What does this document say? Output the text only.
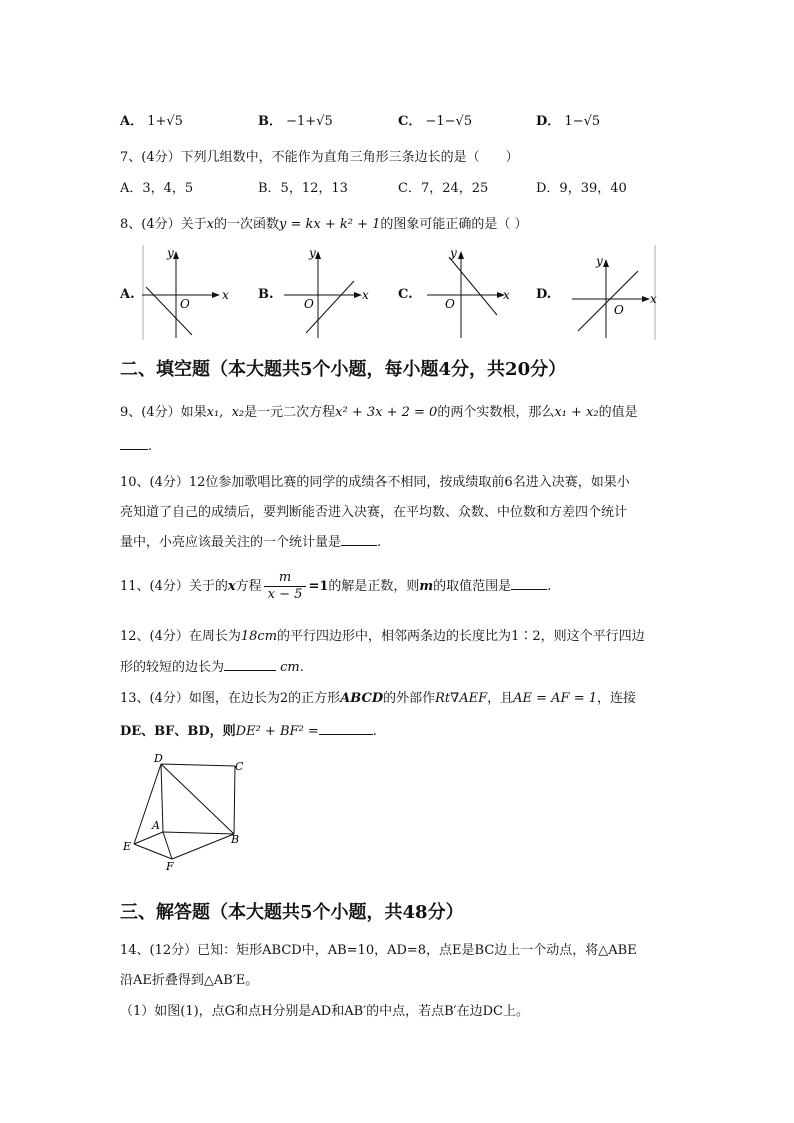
A． 1+√5	B． −1+√5	C． −1−√5	D． 1−√5
7、(4分）下列几组数中，不能作为直角三角形三条边长的是（　　）
A．3，4，5	B．5，12，13	C．7，24，25	D．9，39，40
8、(4分）关于x的一次函数y = kx + k² + 1的图象可能正确的是（ ）
A.	B.	C.	D.
y
x
O
y
x
O
y
x
O
y
x
O
二、填空题（本大题共5个小题，每小题4分，共20分）
9、(4分）如果x₁, x₂是一元二次方程x² + 3x + 2 = 0的两个实数根，那么x₁ + x₂的值是
.
10、(4分）12位参加歌唱比赛的同学的成绩各不相同，按成绩取前6名进入决赛，如果小
亮知道了自己的成绩后，要判断能否进入决赛，在平均数、众数、中位数和方差四个统计
量中，小亮应该最关注的一个统计量是	.
11、(4分）关于的x方程 $\frac{m}{x - 5} =1$的解是正数，则m的取值范围是	.
12、(4分）在周长为18cm的平行四边形中，相邻两条边的长度比为1∶2，则这个平行四边
形的较短的边长为	cm.
13、(4分）如图，在边长为2的正方形ABCD的外部作Rt∇AEF，且AE = AF = 1，连接
DE、BF、BD，则DE² + BF² =	.
D
C
A
B
E
F
三、解答题（本大题共5个小题，共48分）
14、(12分）已知：矩形ABCD中，AB=10，AD=8，点E是BC边上一个动点，将△ABE
沿AE折叠得到△AB′E。
（1）如图(1)，点G和点H分别是AD和AB′的中点，若点B′在边DC上。
